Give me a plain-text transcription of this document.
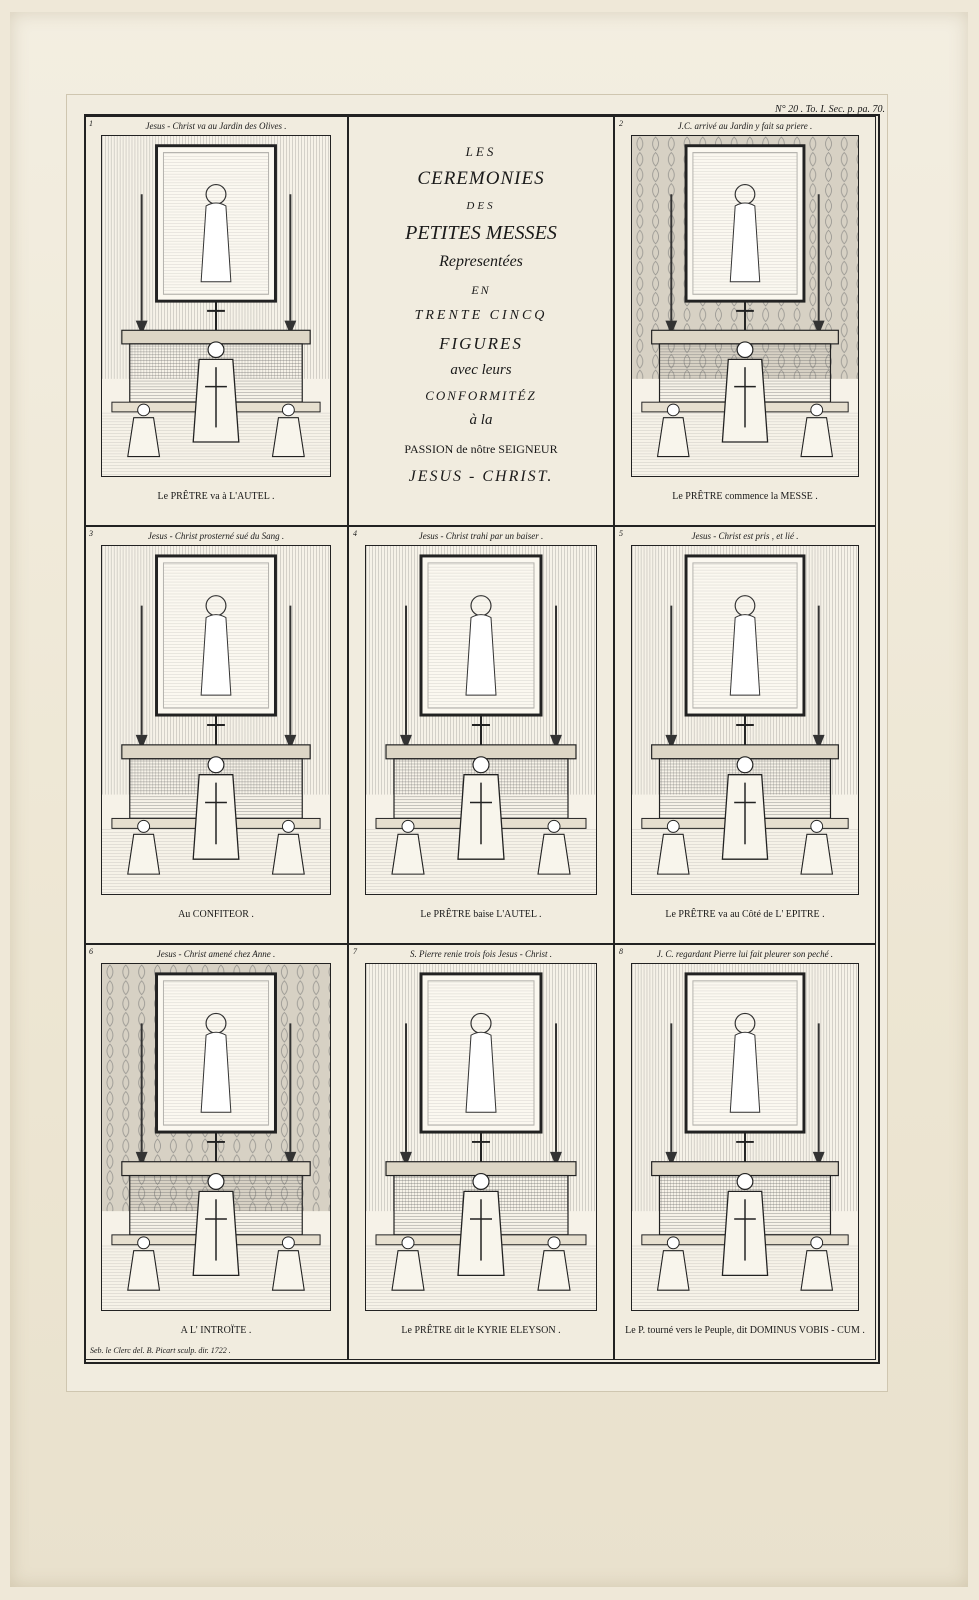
N° 20 . To. I. Sec. p. pa. 70.
LES
CEREMONIES
DES
PETITES MESSES
Representées
EN
TRENTE CINCQ
FIGURES
avec leurs
CONFORMITÉZ
à la
PASSION de nôtre SEIGNEUR
JESUS - CHRIST.
1	Jesus - Christ va au Jardin des Olives .
Le PRÊTRE va à L'AUTEL .
2	J.C. arrivé au Jardin y fait sa priere .
Le PRÊTRE commence la MESSE .
3	Jesus - Christ prosterné sué du Sang .
Au CONFITEOR .
4	Jesus - Christ trahi par un baiser .
Le PRÊTRE baise L'AUTEL .
5	Jesus - Christ est pris , et lié .
Le PRÊTRE va au Côté de L' EPITRE .
6	Jesus - Christ amené chez Anne .
A L' INTROÏTE .
7	S. Pierre renie trois fois Jesus - Christ .
Le PRÊTRE dit le KYRIE ELEYSON .
8	J. C. regardant Pierre lui fait pleurer son peché .
Le P. tourné vers le Peuple, dit DOMINUS VOBIS - CUM .
Seb. le Clerc del. B. Picart sculp. dir. 1722 .
